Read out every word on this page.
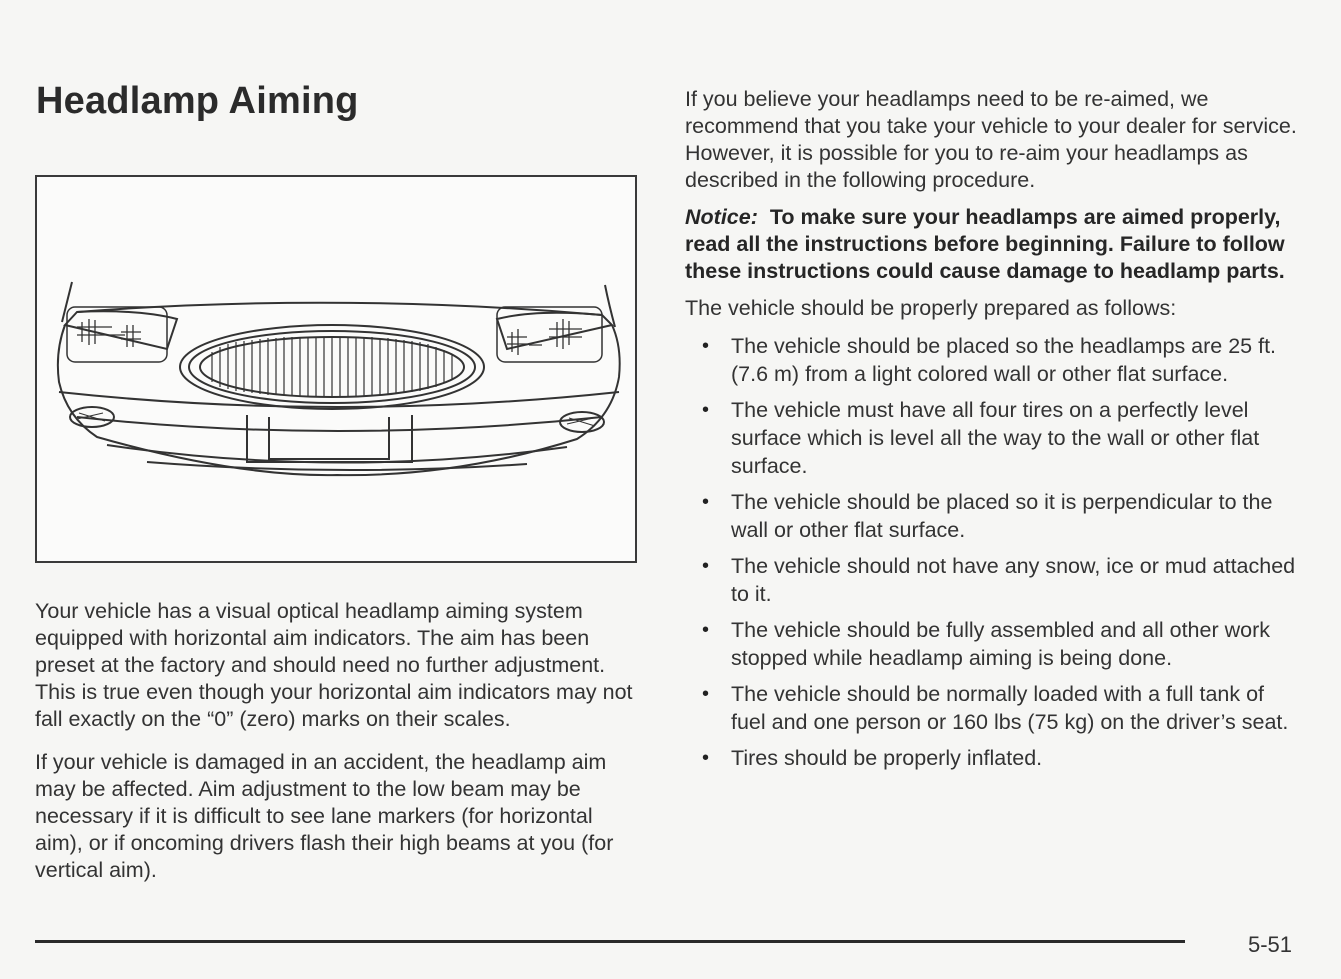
Headlamp Aiming

Your vehicle has a visual optical headlamp aiming system equipped with horizontal aim indicators. The aim has been preset at the factory and should need no further adjustment. This is true even though your horizontal aim indicators may not fall exactly on the “0” (zero) marks on their scales.

If your vehicle is damaged in an accident, the headlamp aim may be affected. Aim adjustment to the low beam may be necessary if it is difficult to see lane markers (for horizontal aim), or if oncoming drivers flash their high beams at you (for vertical aim).

If you believe your headlamps need to be re-aimed, we recommend that you take your vehicle to your dealer for service. However, it is possible for you to re-aim your headlamps as described in the following procedure.

Notice: To make sure your headlamps are aimed properly, read all the instructions before beginning. Failure to follow these instructions could cause damage to headlamp parts.

The vehicle should be properly prepared as follows:

• The vehicle should be placed so the headlamps are 25 ft. (7.6 m) from a light colored wall or other flat surface.
• The vehicle must have all four tires on a perfectly level surface which is level all the way to the wall or other flat surface.
• The vehicle should be placed so it is perpendicular to the wall or other flat surface.
• The vehicle should not have any snow, ice or mud attached to it.
• The vehicle should be fully assembled and all other work stopped while headlamp aiming is being done.
• The vehicle should be normally loaded with a full tank of fuel and one person or 160 lbs (75 kg) on the driver’s seat.
• Tires should be properly inflated.
5-51
